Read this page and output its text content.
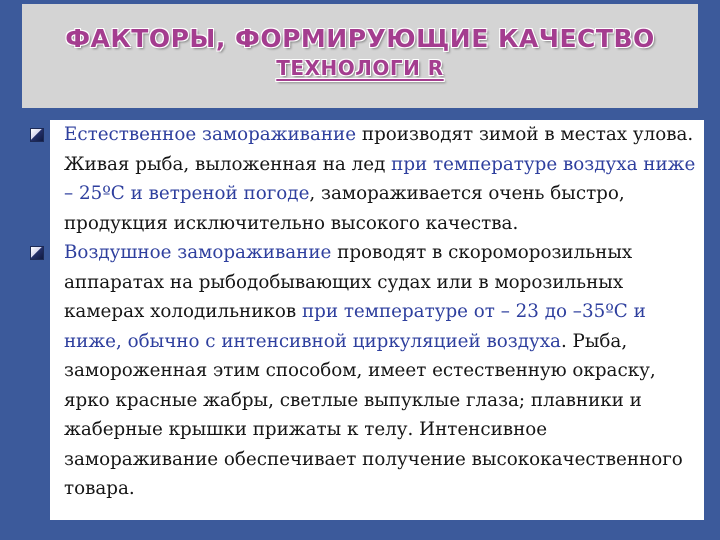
ФАКТОРЫ, ФОРМИРУЮЩИЕ КАЧЕСТВО
ТЕХНОЛОГИ R
Естественное замораживание производят зимой в местах улова. Живая рыба, выложенная на лед при температуре воздуха ниже – 25ºС и ветреной погоде, замораживается очень быстро, продукция исключительно высокого качества.
Воздушное замораживание проводят в скороморозильных аппаратах на рыбодобывающих судах или в морозильных камерах холодильников при температуре от – 23 до –35ºС и ниже, обычно с интенсивной циркуляцией воздуха. Рыба, замороженная этим способом, имеет естественную окраску, ярко красные жабры, светлые выпуклые глаза; плавники и жаберные крышки прижаты к телу. Интенсивное замораживание обеспечивает получение высококачественного товара.
